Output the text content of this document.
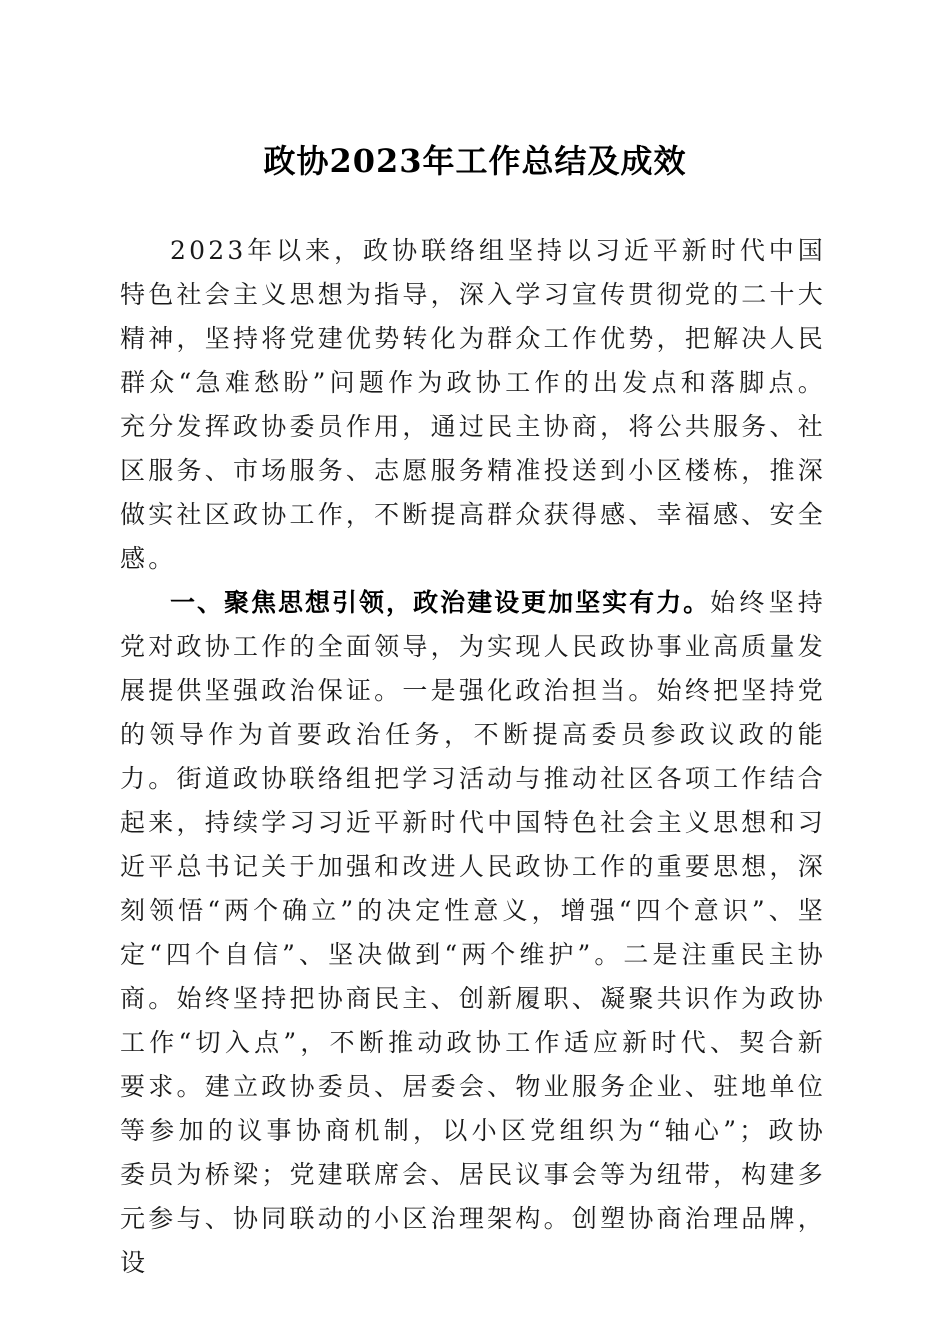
政协2023年工作总结及成效

2023年以来，政协联络组坚持以习近平新时代中国特色社会主义思想为指导，深入学习宣传贯彻党的二十大精神，坚持将党建优势转化为群众工作优势，把解决人民群众“急难愁盼”问题作为政协工作的出发点和落脚点。充分发挥政协委员作用，通过民主协商，将公共服务、社区服务、市场服务、志愿服务精准投送到小区楼栋，推深做实社区政协工作，不断提高群众获得感、幸福感、安全感。

一、聚焦思想引领，政治建设更加坚实有力。始终坚持党对政协工作的全面领导，为实现人民政协事业高质量发展提供坚强政治保证。一是强化政治担当。始终把坚持党的领导作为首要政治任务，不断提高委员参政议政的能力。街道政协联络组把学习活动与推动社区各项工作结合起来，持续学习习近平新时代中国特色社会主义思想和习近平总书记关于加强和改进人民政协工作的重要思想，深刻领悟“两个确立”的决定性意义，增强“四个意识”、坚定“四个自信”、坚决做到“两个维护”。二是注重民主协商。始终坚持把协商民主、创新履职、凝聚共识作为政协工作“切入点”，不断推动政协工作适应新时代、契合新要求。建立政协委员、居委会、物业服务企业、驻地单位等参加的议事协商机制，以小区党组织为“轴心”；政协委员为桥梁；党建联席会、居民议事会等为纽带，构建多元参与、协同联动的小区治理架构。创塑协商治理品牌，设
